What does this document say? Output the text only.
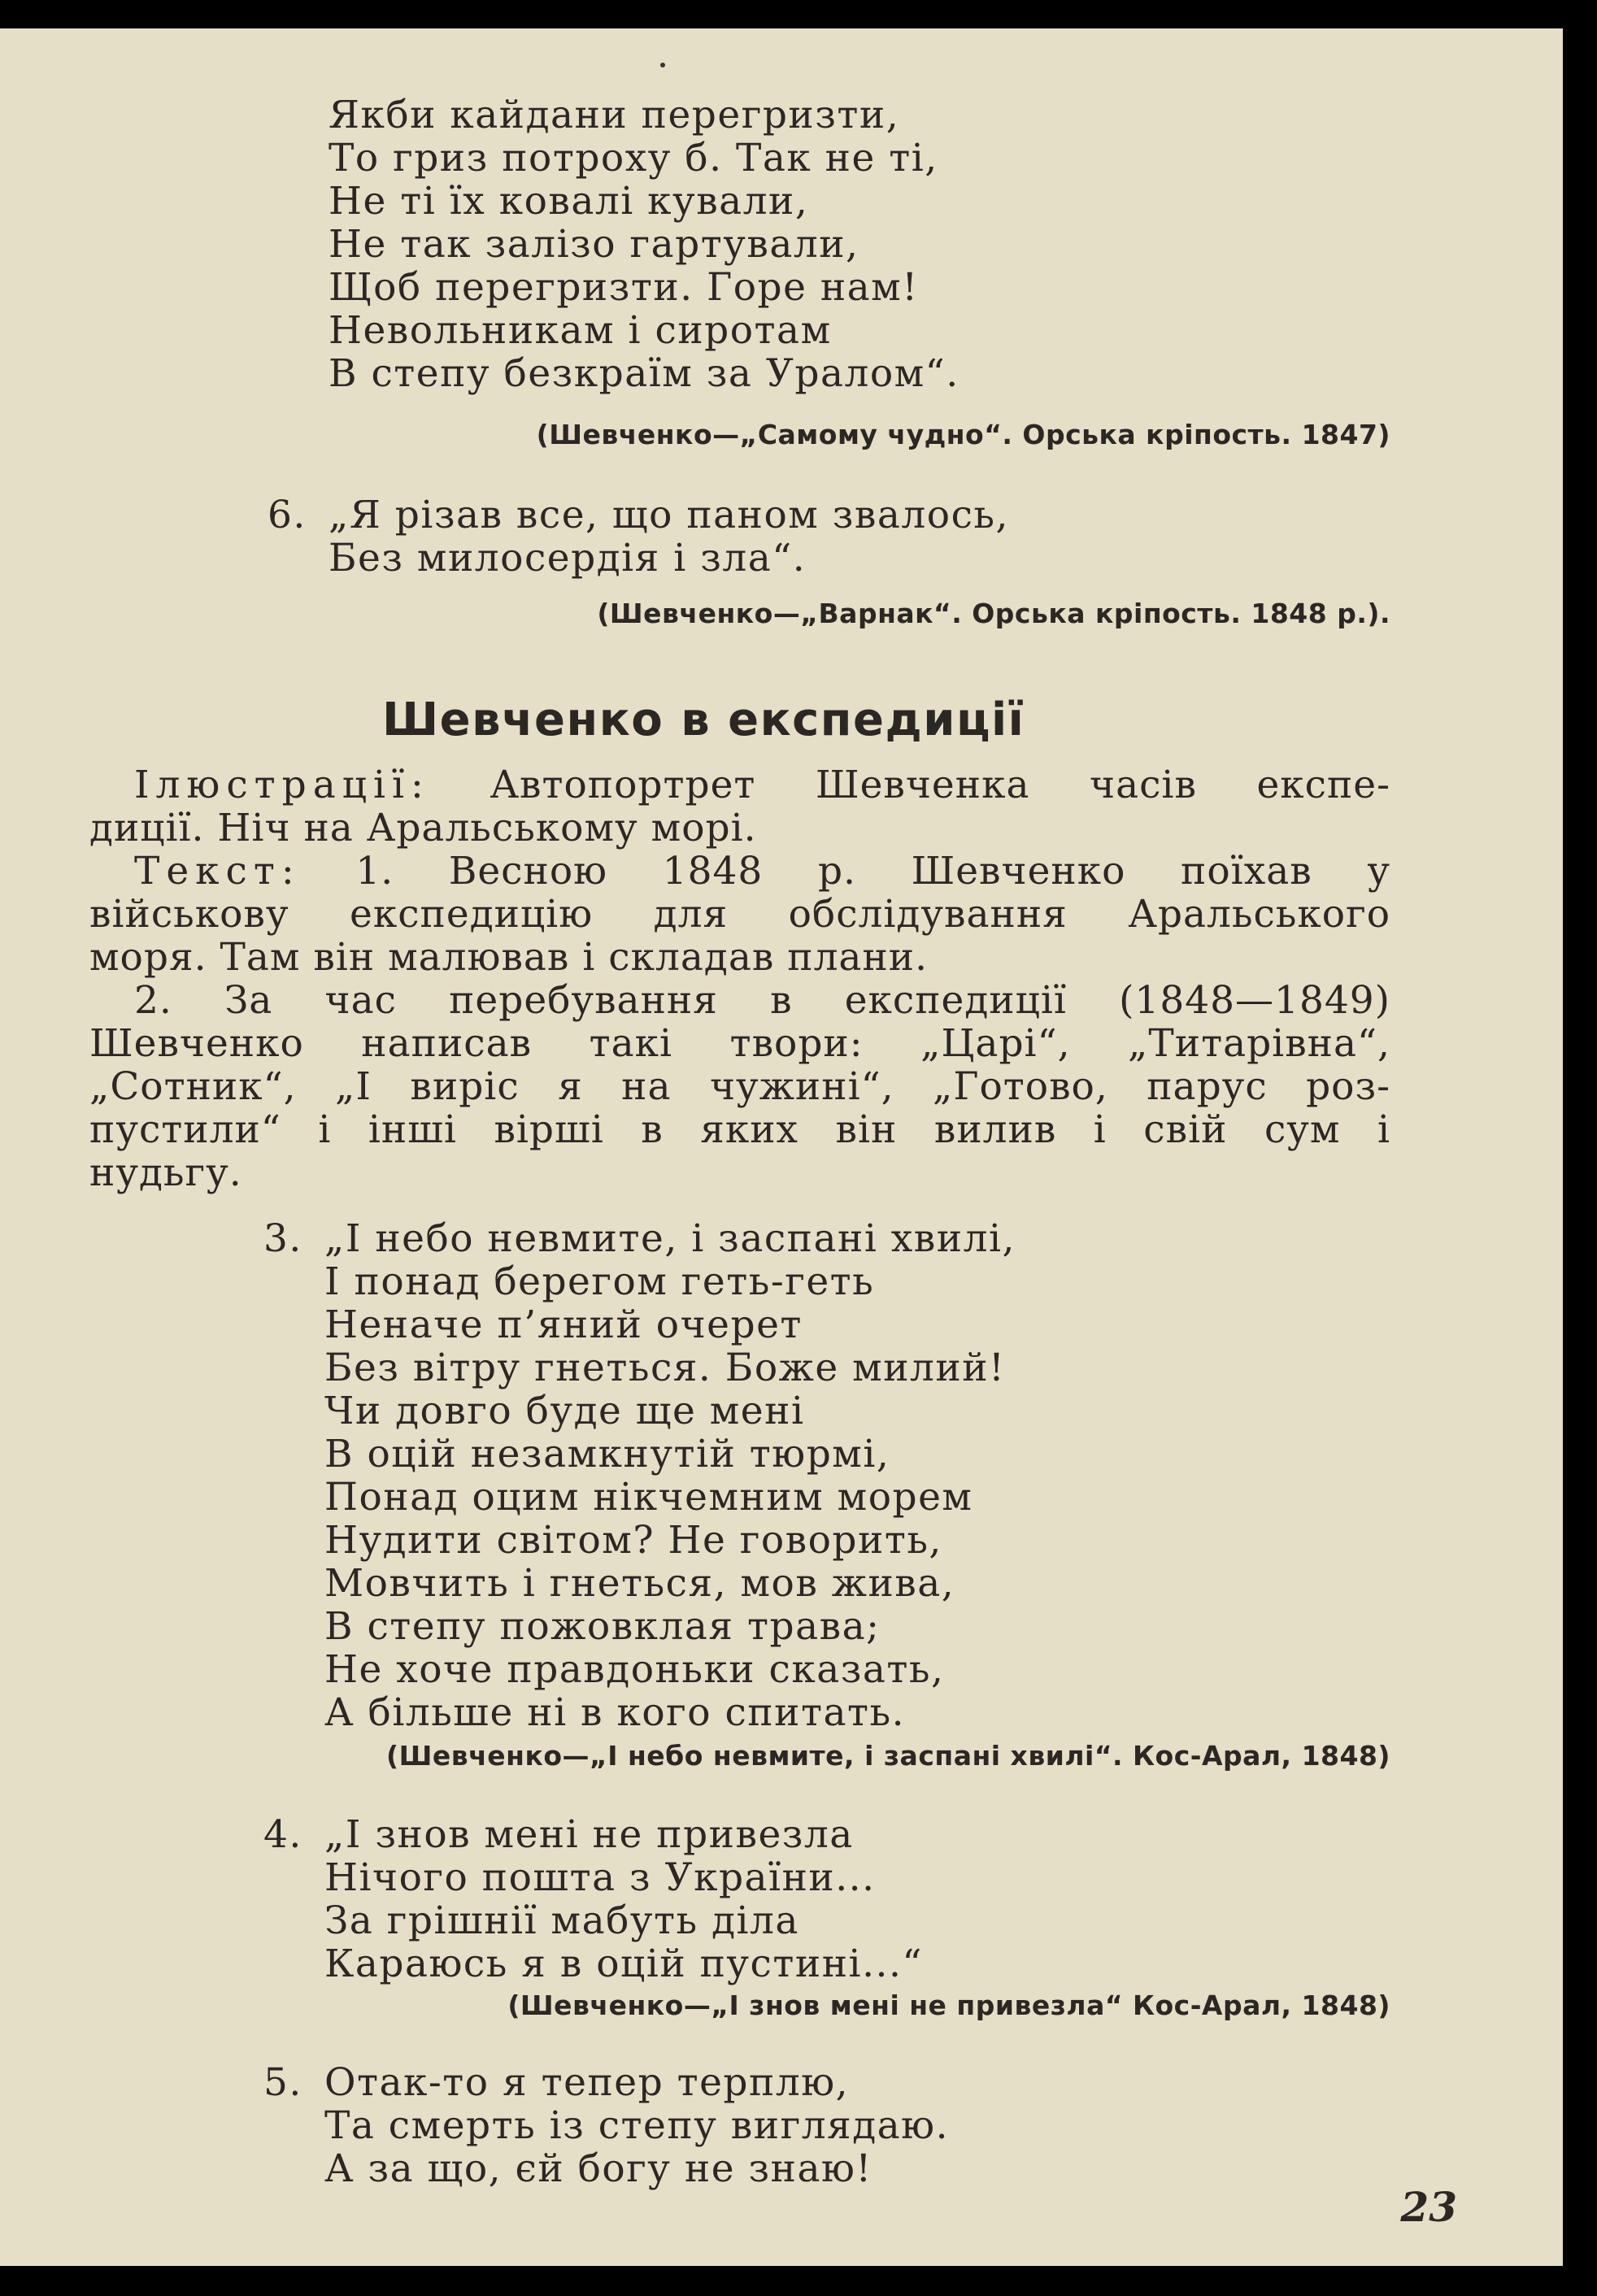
Якби кайдани перегризти,
То гриз потроху б. Так не ті,
Не ті їх ковалі кували,
Не так залізо гартували,
Щоб перегризти. Горе нам!
Невольникам і сиротам
В степу безкраїм за Уралом“.
(Шевченко—„Самому чудно“. Орська кріпость. 1847)
6. „Я різав все, що паном звалось,
Без милосердія і зла“.
(Шевченко—„Варнак“. Орська кріпость. 1848 р.).
Шевченко в експедиції
Ілюстрації: Автопортрет Шевченка часів експе-
диції. Ніч на Аральському морі.
Текст: 1. Весною 1848 р. Шевченко поїхав у
військову експедицію для обслідування Аральського
моря. Там він малював і складав плани.
2. За час перебування в експедиції (1848—1849)
Шевченко написав такі твори: „Царі“, „Титарівна“,
„Сотник“, „І виріс я на чужині“, „Готово, парус роз-
пустили“ і інші вірші в яких він вилив і свій сум і
нудьгу.
3. „І небо невмите, і заспані хвилі,
І понад берегом геть-геть
Неначе п’яний очерет
Без вітру гнеться. Боже милий!
Чи довго буде ще мені
В оцій незамкнутій тюрмі,
Понад оцим нікчемним морем
Нудити світом? Не говорить,
Мовчить і гнеться, мов жива,
В степу пожовклая трава;
Не хоче правдоньки сказать,
А більше ні в кого спитать.
(Шевченко—„І небо невмите, і заспані хвилі“. Кос-Арал, 1848)
4. „І знов мені не привезла
Нічого пошта з України...
За грішнії мабуть діла
Караюсь я в оцій пустині...“
(Шевченко—„І знов мені не привезла“ Кос-Арал, 1848)
5. Отак-то я тепер терплю,
Та смерть із степу виглядаю.
А за що, єй богу не знаю!
23
